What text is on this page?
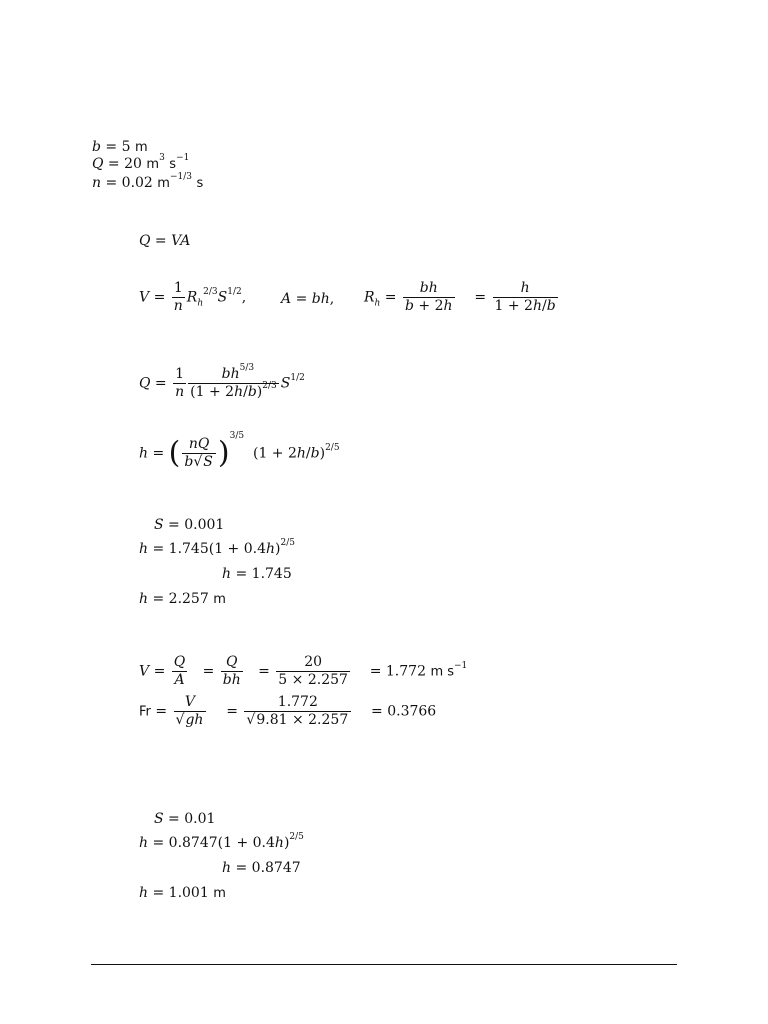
b = 5 m
Q = 20 $m^3$ $s^{-1}$
n = 0.02 $m^{-1/3}$ s
Q = VA
$V = \frac{1}{n} R_h^{2/3}S^{1/2}$, A = bh, $R_h = \frac{bh}{b + 2h} = \frac{h}{1 + 2h/b}$
$Q = \frac{1}{n} \frac{bh^{5/3}}{(1 + 2h/b)^{2/3}} S^{1/2}$
h = ( $\frac{nQ}{b√S} )^{3/5}$  $(1 + 2h/b)^{2/5}$
S = 0.001
$h = 1.745(1 + 0.4h)^{2/5}$
h = 1.745
h = 2.257 m
$V = \frac{Q}{A} = \frac{Q}{bh} = \frac{20}{5 \times 2.257} = 1.772$ m $s^{-1}$
$Fr = \frac{V}{√gh} = \frac{1.772}{√9.81 \times 2.257} = 0.3766$
S = 0.01
$h = 0.8747(1 + 0.4h)^{2/5}$
h = 0.8747
h = 1.001 m
